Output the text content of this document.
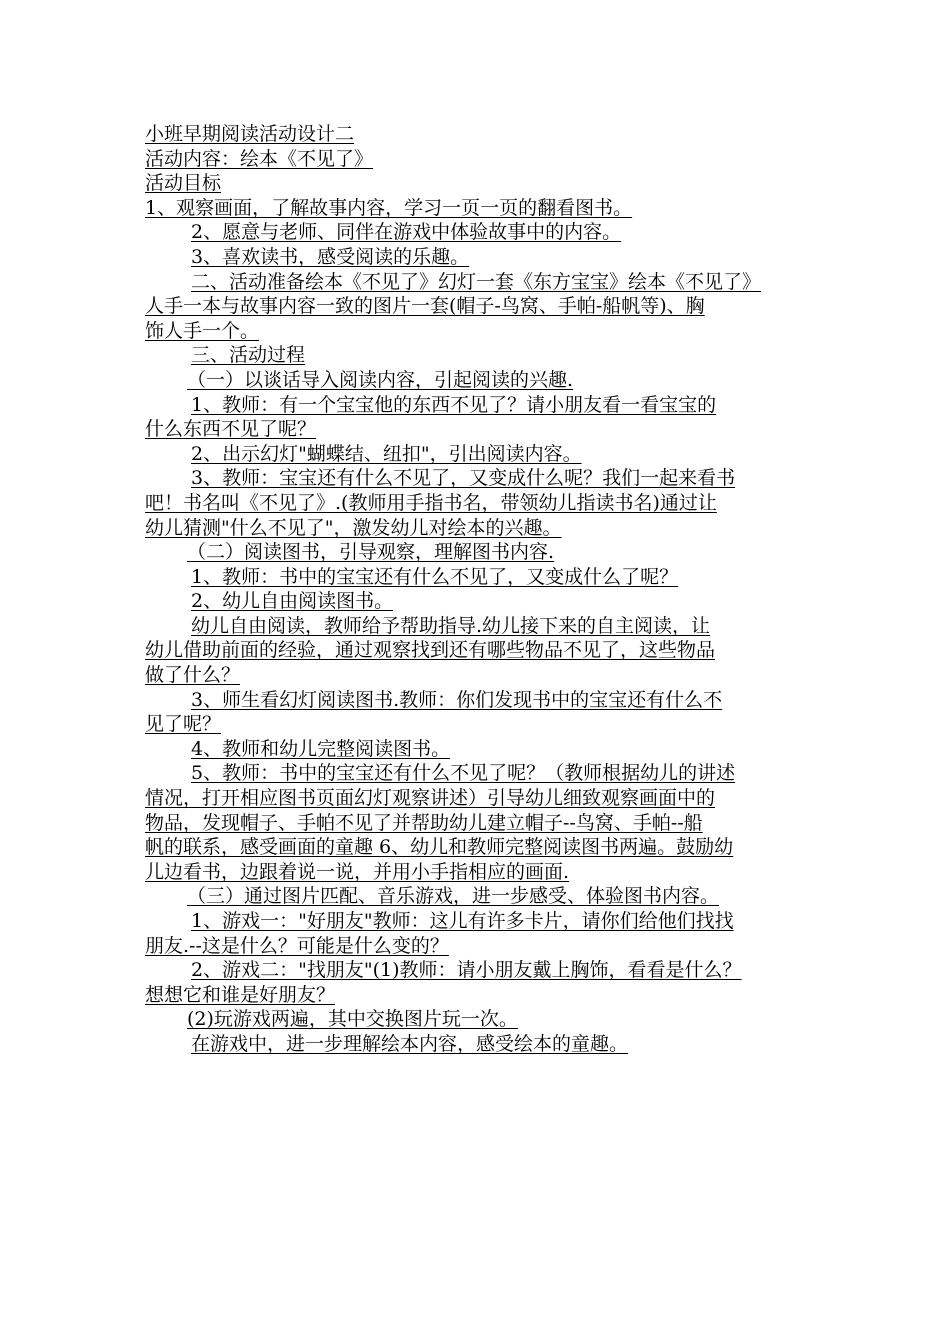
小班早期阅读活动设计二
活动内容：绘本《不见了》
活动目标
1、观察画面，了解故事内容，学习一页一页的翻看图书。
2、愿意与老师、同伴在游戏中体验故事中的内容。
3、喜欢读书，感受阅读的乐趣。
二、活动准备绘本《不见了》幻灯一套《东方宝宝》绘本《不见了》
人手一本与故事内容一致的图片一套(帽子-鸟窝、手帕-船帆等)、胸
饰人手一个。
三、活动过程
（一）以谈话导入阅读内容，引起阅读的兴趣.
1、教师：有一个宝宝他的东西不见了？请小朋友看一看宝宝的
什么东西不见了呢？
2、出示幻灯"蝴蝶结、纽扣"，引出阅读内容。
3、教师：宝宝还有什么不见了，又变成什么呢？我们一起来看书
吧！书名叫《不见了》.(教师用手指书名，带领幼儿指读书名)通过让
幼儿猜测"什么不见了"，激发幼儿对绘本的兴趣。
（二）阅读图书，引导观察，理解图书内容.
1、教师：书中的宝宝还有什么不见了，又变成什么了呢？
2、幼儿自由阅读图书。
幼儿自由阅读，教师给予帮助指导.幼儿接下来的自主阅读，让
幼儿借助前面的经验，通过观察找到还有哪些物品不见了，这些物品
做了什么？
3、师生看幻灯阅读图书.教师：你们发现书中的宝宝还有什么不
见了呢？
4、教师和幼儿完整阅读图书。
5、教师：书中的宝宝还有什么不见了呢？（教师根据幼儿的讲述
情况，打开相应图书页面幻灯观察讲述）引导幼儿细致观察画面中的
物品，发现帽子、手帕不见了并帮助幼儿建立帽子--鸟窝、手帕--船
帆的联系，感受画面的童趣 6、幼儿和教师完整阅读图书两遍。鼓励幼
儿边看书，边跟着说一说，并用小手指相应的画面.
（三）通过图片匹配、音乐游戏，进一步感受、体验图书内容。
1、游戏一："好朋友"教师：这儿有许多卡片，请你们给他们找找
朋友.--这是什么？可能是什么变的？
2、游戏二："找朋友"(1)教师：请小朋友戴上胸饰，看看是什么？
想想它和谁是好朋友？
(2)玩游戏两遍，其中交换图片玩一次。
在游戏中，进一步理解绘本内容，感受绘本的童趣。
